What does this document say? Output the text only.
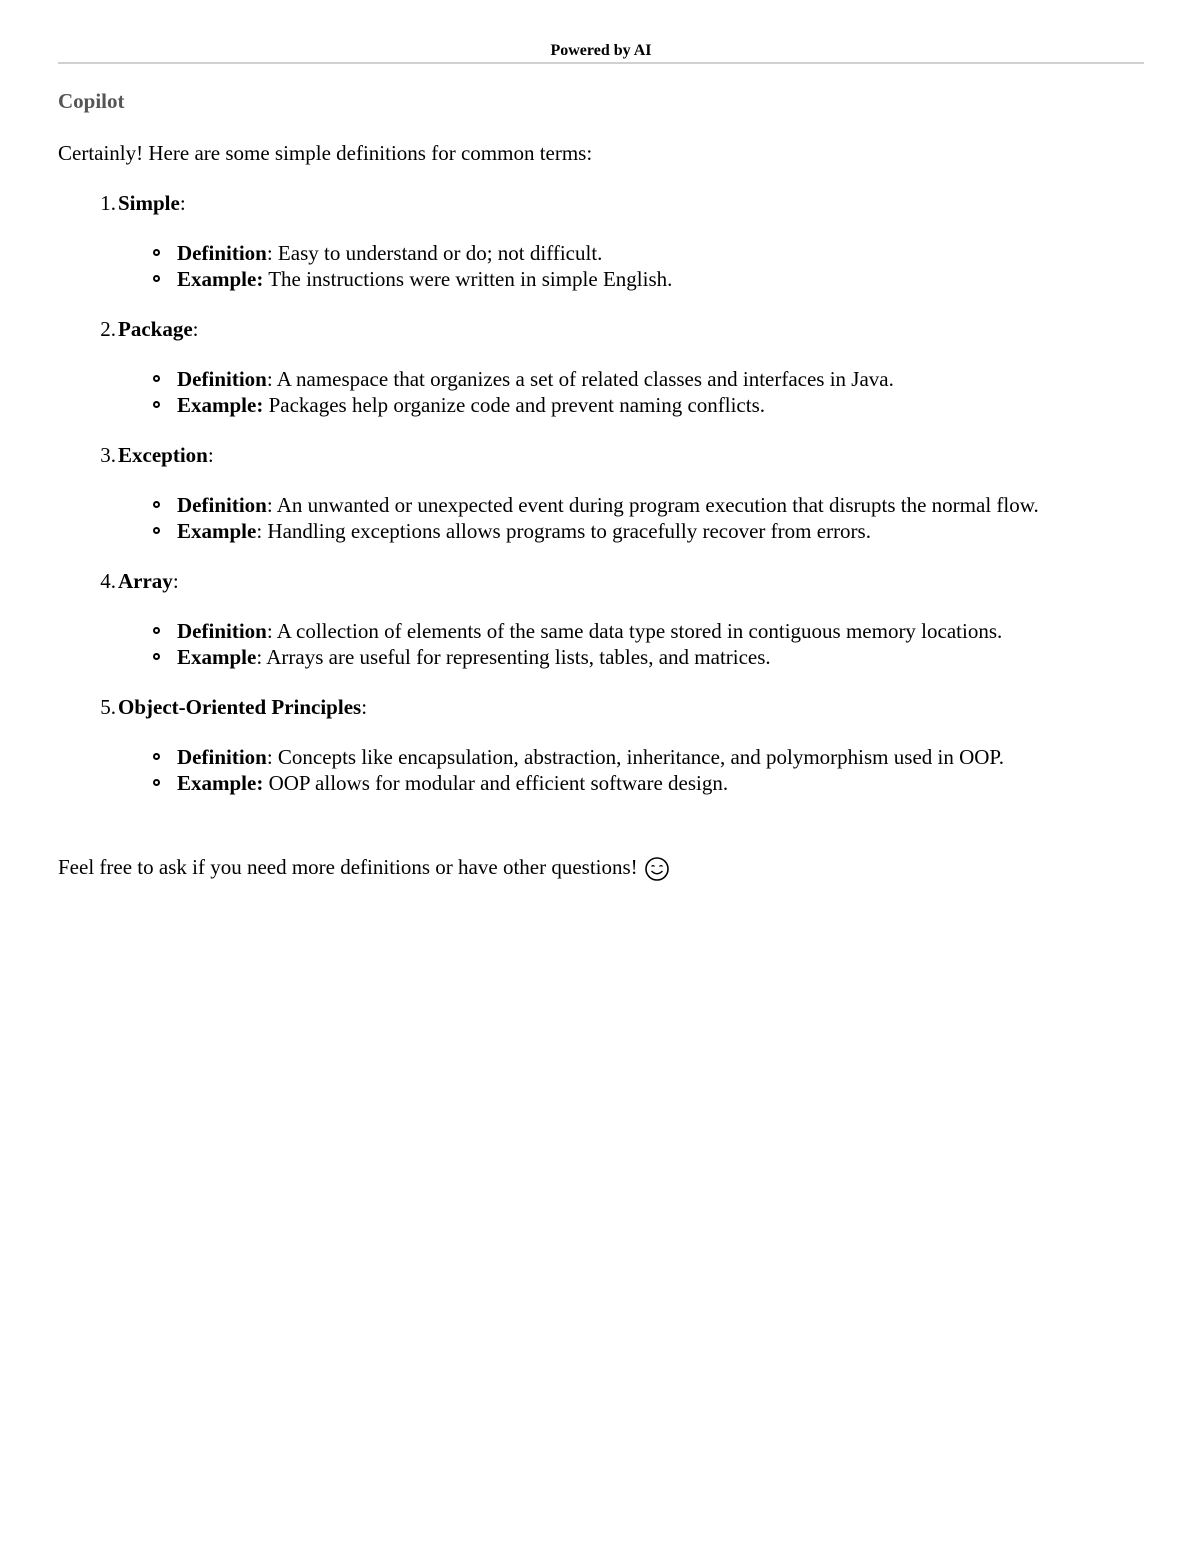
Powered by AI
Copilot
Certainly! Here are some simple definitions for common terms:
1. Simple:
Definition: Easy to understand or do; not difficult.
Example: The instructions were written in simple English.
2. Package:
Definition: A namespace that organizes a set of related classes and interfaces in Java.
Example: Packages help organize code and prevent naming conflicts.
3. Exception:
Definition: An unwanted or unexpected event during program execution that disrupts the normal flow.
Example: Handling exceptions allows programs to gracefully recover from errors.
4. Array:
Definition: A collection of elements of the same data type stored in contiguous memory locations.
Example: Arrays are useful for representing lists, tables, and matrices.
5. Object-Oriented Principles:
Definition: Concepts like encapsulation, abstraction, inheritance, and polymorphism used in OOP.
Example: OOP allows for modular and efficient software design.
Feel free to ask if you need more definitions or have other questions!
